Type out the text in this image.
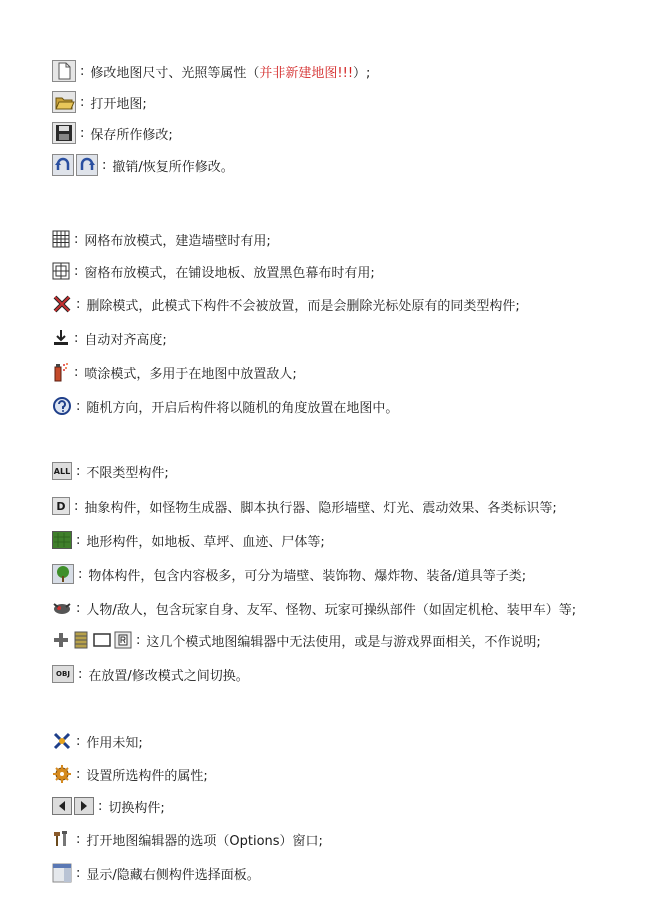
: 修改地图尺寸、光照等属性（并非新建地图!!!）;
: 打开地图;
: 保存所作修改;
: 撤销/恢复所作修改。
: 网格布放模式，建造墙壁时有用;
: 窗格布放模式，在铺设地板、放置黑色幕布时有用;
: 删除模式，此模式下构件不会被放置，而是会删除光标处原有的同类型构件;
: 自动对齐高度;
: 喷涂模式，多用于在地图中放置敌人;
: 随机方向，开启后构件将以随机的角度放置在地图中。
ALL : 不限类型构件;
D : 抽象构件，如怪物生成器、脚本执行器、隐形墙壁、灯光、震动效果、各类标识等;
: 地形构件，如地板、草坪、血迹、尸体等;
: 物体构件，包含内容极多，可分为墙壁、装饰物、爆炸物、装备/道具等子类;
: 人物/敌人，包含玩家自身、友军、怪物、玩家可操纵部件（如固定机枪、装甲车）等;
: 这几个模式地图编辑器中无法使用，或是与游戏界面相关，不作说明;
OBJ : 在放置/修改模式之间切换。
: 作用未知;
: 设置所选构件的属性;
: 切换构件;
: 打开地图编辑器的选项（Options）窗口;
: 显示/隐藏右侧构件选择面板。
